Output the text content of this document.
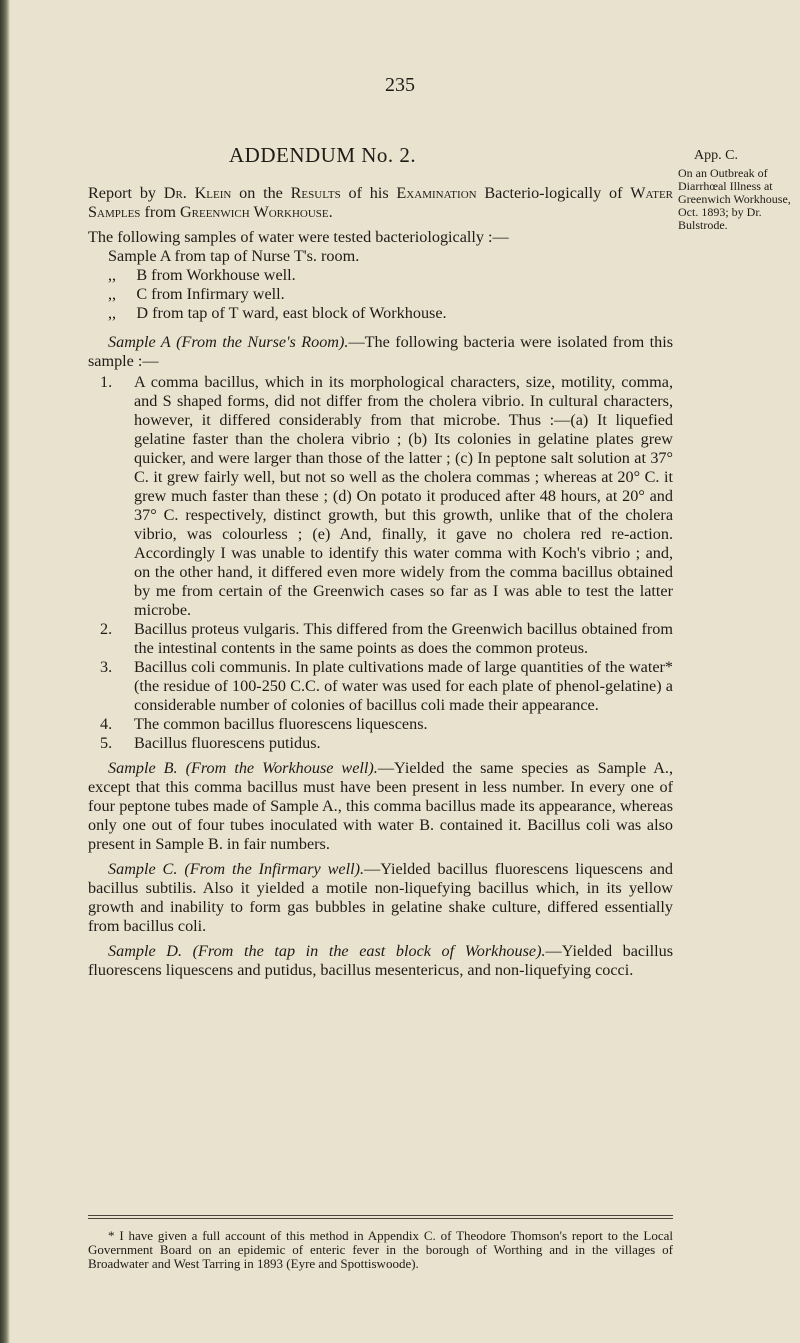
235
ADDENDUM No. 2.	App. C.
On an Outbreak of Diarrhœal Illness at Greenwich Workhouse, Oct. 1893; by Dr. Bulstrode.

Report by Dr. Klein on the Results of his Examination Bacterio-logically of Water Samples from Greenwich Workhouse.

The following samples of water were tested bacteriologically :—

Sample A from tap of Nurse T's. room.

,,     B from Workhouse well.

,,     C from Infirmary well.

,,     D from tap of T ward, east block of Workhouse.

Sample A (From the Nurse's Room).—The following bacteria were isolated from this sample :—

1. A comma bacillus, which in its morphological characters, size, motility, comma, and S shaped forms, did not differ from the cholera vibrio. In cultural characters, however, it differed considerably from that microbe. Thus :—(a) It liquefied gelatine faster than the cholera vibrio ; (b) Its colonies in gelatine plates grew quicker, and were larger than those of the latter ; (c) In peptone salt solution at 37° C. it grew fairly well, but not so well as the cholera commas ; whereas at 20° C. it grew much faster than these ; (d) On potato it produced after 48 hours, at 20° and 37° C. respectively, distinct growth, but this growth, unlike that of the cholera vibrio, was colourless ; (e) And, finally, it gave no cholera red re-action. Accordingly I was unable to identify this water comma with Koch's vibrio ; and, on the other hand, it differed even more widely from the comma bacillus obtained by me from certain of the Greenwich cases so far as I was able to test the latter microbe.
2. Bacillus proteus vulgaris. This differed from the Greenwich bacillus obtained from the intestinal contents in the same points as does the common proteus.
3. Bacillus coli communis. In plate cultivations made of large quantities of the water* (the residue of 100-250 C.C. of water was used for each plate of phenol-gelatine) a considerable number of colonies of bacillus coli made their appearance.
4. The common bacillus fluorescens liquescens.
5. Bacillus fluorescens putidus.

Sample B. (From the Workhouse well).—Yielded the same species as Sample A., except that this comma bacillus must have been present in less number. In every one of four peptone tubes made of Sample A., this comma bacillus made its appearance, whereas only one out of four tubes inoculated with water B. contained it. Bacillus coli was also present in Sample B. in fair numbers.

Sample C. (From the Infirmary well).—Yielded bacillus fluorescens liquescens and bacillus subtilis. Also it yielded a motile non-liquefying bacillus which, in its yellow growth and inability to form gas bubbles in gelatine shake culture, differed essentially from bacillus coli.

Sample D. (From the tap in the east block of Workhouse).—Yielded bacillus fluorescens liquescens and putidus, bacillus mesentericus, and non-liquefying cocci.

* I have given a full account of this method in Appendix C. of Theodore Thomson's report to the Local Government Board on an epidemic of enteric fever in the borough of Worthing and in the villages of Broadwater and West Tarring in 1893 (Eyre and Spottiswoode).
